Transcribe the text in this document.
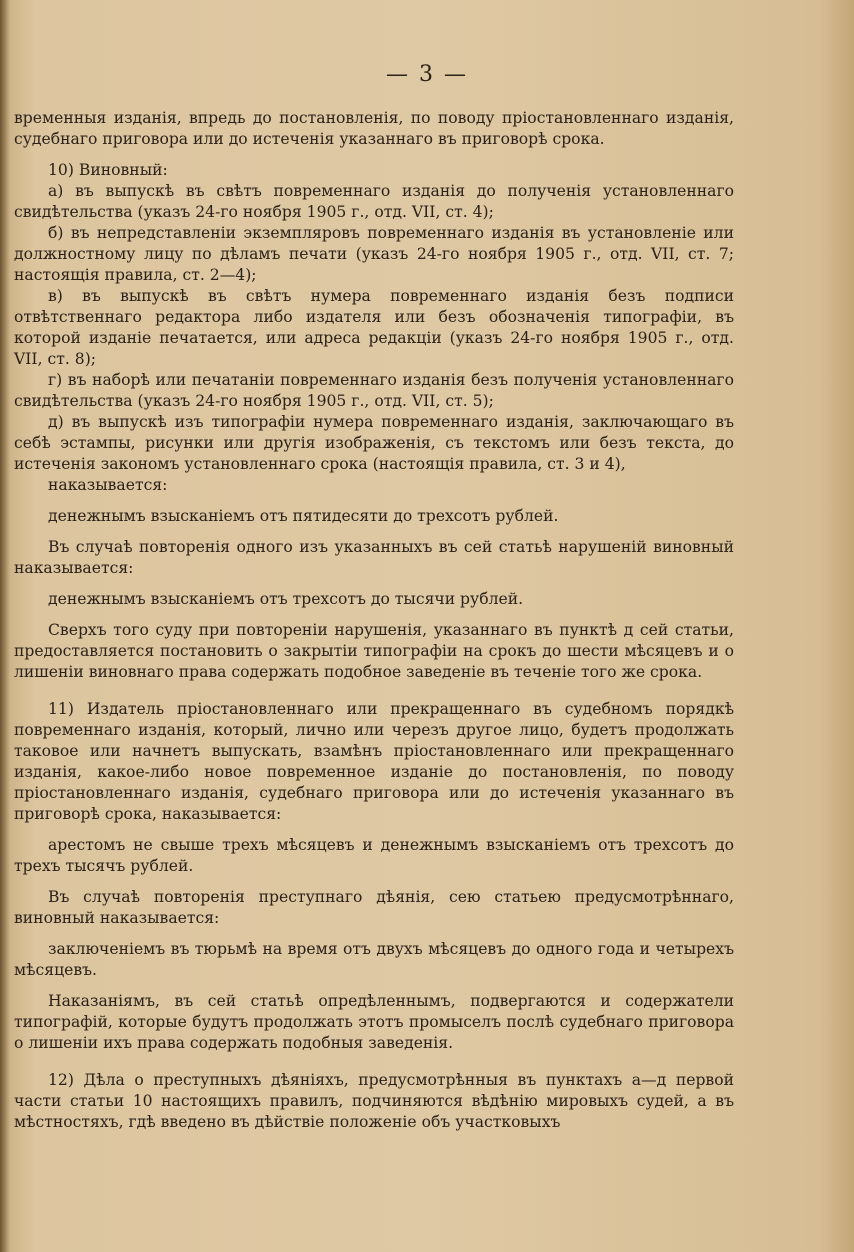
— 3 —

временныя изданія, впредь до постановленія, по поводу пріостановленнаго изданія, судебнаго приговора или до истеченія указаннаго въ приговорѣ срока.

10) Виновный:

а) въ выпускѣ въ свѣтъ повременнаго изданія до полученія установленнаго свидѣтельства (указъ 24-го ноября 1905 г., отд. VII, ст. 4);

б) въ непредставленіи экземпляровъ повременнаго изданія въ установленіе или должностному лицу по дѣламъ печати (указъ 24-го ноября 1905 г., отд. VII, ст. 7; настоящія правила, ст. 2—4);

в) въ выпускѣ въ свѣтъ нумера повременнаго изданія безъ подписи отвѣтственнаго редактора либо издателя или безъ обозначенія типографіи, въ которой изданіе печатается, или адреса редакціи (указъ 24-го ноября 1905 г., отд. VII, ст. 8);

г) въ наборѣ или печатаніи повременнаго изданія безъ полученія установленнаго свидѣтельства (указъ 24-го ноября 1905 г., отд. VII, ст. 5);

д) въ выпускѣ изъ типографіи нумера повременнаго изданія, заключающаго въ себѣ эстампы, рисунки или другія изображенія, съ текстомъ или безъ текста, до истеченія закономъ установленнаго срока (настоящія правила, ст. 3 и 4),

наказывается:

денежнымъ взысканіемъ отъ пятидесяти до трехсотъ рублей.

Въ случаѣ повторенія одного изъ указанныхъ въ сей статьѣ нарушеній виновный наказывается:

денежнымъ взысканіемъ отъ трехсотъ до тысячи рублей.

Сверхъ того суду при повтореніи нарушенія, указаннаго въ пунктѣ д сей статьи, предоставляется постановить о закрытіи типографіи на срокъ до шести мѣсяцевъ и о лишеніи виновнаго права содержать подобное заведеніе въ теченіе того же срока.

11) Издатель пріостановленнаго или прекращеннаго въ судебномъ порядкѣ повременнаго изданія, который, лично или черезъ другое лицо, будетъ продолжать таковое или начнетъ выпускать, взамѣнъ пріостановленнаго или прекращеннаго изданія, какое-либо новое повременное изданіе до постановленія, по поводу пріостановленнаго изданія, судебнаго приговора или до истеченія указаннаго въ приговорѣ срока, наказывается:

арестомъ не свыше трехъ мѣсяцевъ и денежнымъ взысканіемъ отъ трехсотъ до трехъ тысячъ рублей.

Въ случаѣ повторенія преступнаго дѣянія, сею статьею предусмотрѣннаго, виновный наказывается:

заключеніемъ въ тюрьмѣ на время отъ двухъ мѣсяцевъ до одного года и четырехъ мѣсяцевъ.

Наказаніямъ, въ сей статьѣ опредѣленнымъ, подвергаются и содержатели типографій, которые будутъ продолжать этотъ промыселъ послѣ судебнаго приговора о лишеніи ихъ права содержать подобныя заведенія.

12) Дѣла о преступныхъ дѣяніяхъ, предусмотрѣнныя въ пунктахъ а—д первой части статьи 10 настоящихъ правилъ, подчиняются вѣдѣнію мировыхъ судей, а въ мѣстностяхъ, гдѣ введено въ дѣйствіе положеніе объ участковыхъ
